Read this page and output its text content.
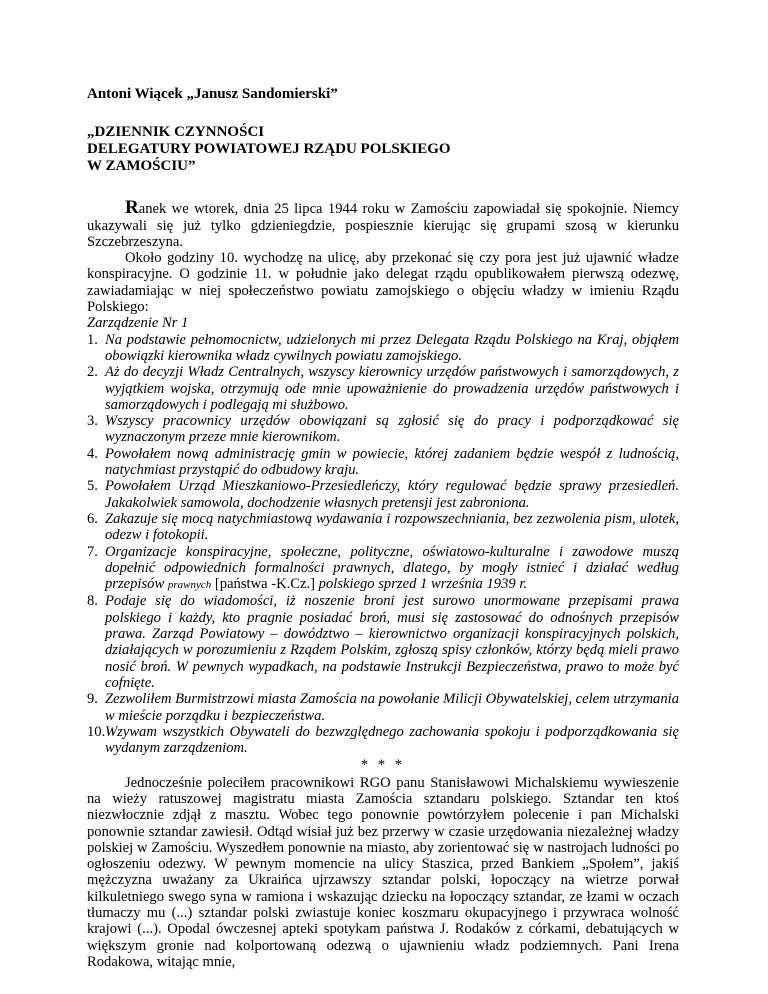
Antoni Wiącek „Janusz Sandomierski”
„DZIENNIK CZYNNOŚCI
DELEGATURY POWIATOWEJ RZĄDU POLSKIEGO
W ZAMOŚCIU”

Ranek we wtorek, dnia 25 lipca 1944 roku w Zamościu zapowiadał się spokojnie. Niemcy ukazywali się już tylko gdzieniegdzie, pospiesznie kierując się grupami szosą w kierunku Szczebrzeszyna.

Około godziny 10. wychodzę na ulicę, aby przekonać się czy pora jest już ujawnić władze konspiracyjne. O godzinie 11. w południe jako delegat rządu opublikowałem pierwszą odezwę, zawiadamiając w niej społeczeństwo powiatu zamojskiego o objęciu władzy w imieniu Rządu Polskiego:

Zarządzenie Nr 1

1. Na podstawie pełnomocnictw, udzielonych mi przez Delegata Rządu Polskiego na Kraj, objąłem obowiązki kierownika władz cywilnych powiatu zamojskiego.
2. Aż do decyzji Władz Centralnych, wszyscy kierownicy urzędów państwowych i samorządowych, z wyjątkiem wojska, otrzymują ode mnie upoważnienie do prowadzenia urzędów państwowych i samorządowych i podlegają mi służbowo.
3. Wszyscy pracownicy urzędów obowiązani są zgłosić się do pracy i podporządkować się wyznaczonym przeze mnie kierownikom.
4. Powołałem nową administrację gmin w powiecie, której zadaniem będzie wespół z ludnością, natychmiast przystąpić do odbudowy kraju.
5. Powołałem Urząd Mieszkaniowo-Przesiedleńczy, który regulować będzie sprawy przesiedleń. Jakakolwiek samowola, dochodzenie własnych pretensji jest zabroniona.
6. Zakazuje się mocą natychmiastową wydawania i rozpowszechniania, bez zezwolenia pism, ulotek, odezw i fotokopii.
7. Organizacje konspiracyjne, społeczne, polityczne, oświatowo-kulturalne i zawodowe muszą dopełnić odpowiednich formalności prawnych, dlatego, by mogły istnieć i działać według przepisów prawnych [państwa -K.Cz.] polskiego sprzed 1 września 1939 r.
8. Podaje się do wiadomości, iż noszenie broni jest surowo unormowane przepisami prawa polskiego i każdy, kto pragnie posiadać broń, musi się zastosować do odnośnych przepisów prawa. Zarząd Powiatowy – dowództwo – kierownictwo organizacji konspiracyjnych polskich, działających w porozumieniu z Rządem Polskim, zgłoszą spisy członków, którzy będą mieli prawo nosić broń. W pewnych wypadkach, na podstawie Instrukcji Bezpieczeństwa, prawo to może być cofnięte.
9. Zezwoliłem Burmistrzowi miasta Zamościa na powołanie Milicji Obywatelskiej, celem utrzymania w mieście porządku i bezpieczeństwa.
10. Wzywam wszystkich Obywateli do bezwzględnego zachowania spokoju i podporządkowania się wydanym zarządzeniom.
* * *

Jednocześnie poleciłem pracownikowi RGO panu Stanisławowi Michalskiemu wywieszenie na wieży ratuszowej magistratu miasta Zamościa sztandaru polskiego. Sztandar ten ktoś niezwłocznie zdjął z masztu. Wobec tego ponownie powtórzyłem polecenie i pan Michalski ponownie sztandar zawiesił. Odtąd wisiał już bez przerwy w czasie urzędowania niezależnej władzy polskiej w Zamościu. Wyszedłem ponownie na miasto, aby zorientować się w nastrojach ludności po ogłoszeniu odezwy. W pewnym momencie na ulicy Staszica, przed Bankiem „Społem”, jakiś mężczyzna uważany za Ukraińca ujrzawszy sztandar polski, łopoczący na wietrze porwał kilkuletniego swego syna w ramiona i wskazując dziecku na łopoczący sztandar, ze łzami w oczach tłumaczy mu (...) sztandar polski zwiastuje koniec koszmaru okupacyjnego i przywraca wolność krajowi (...). Opodal ówczesnej apteki spotykam państwa J. Rodaków z córkami, debatujących w większym gronie nad kolportowaną odezwą o ujawnieniu władz podziemnych. Pani Irena Rodakowa, witając mnie,
